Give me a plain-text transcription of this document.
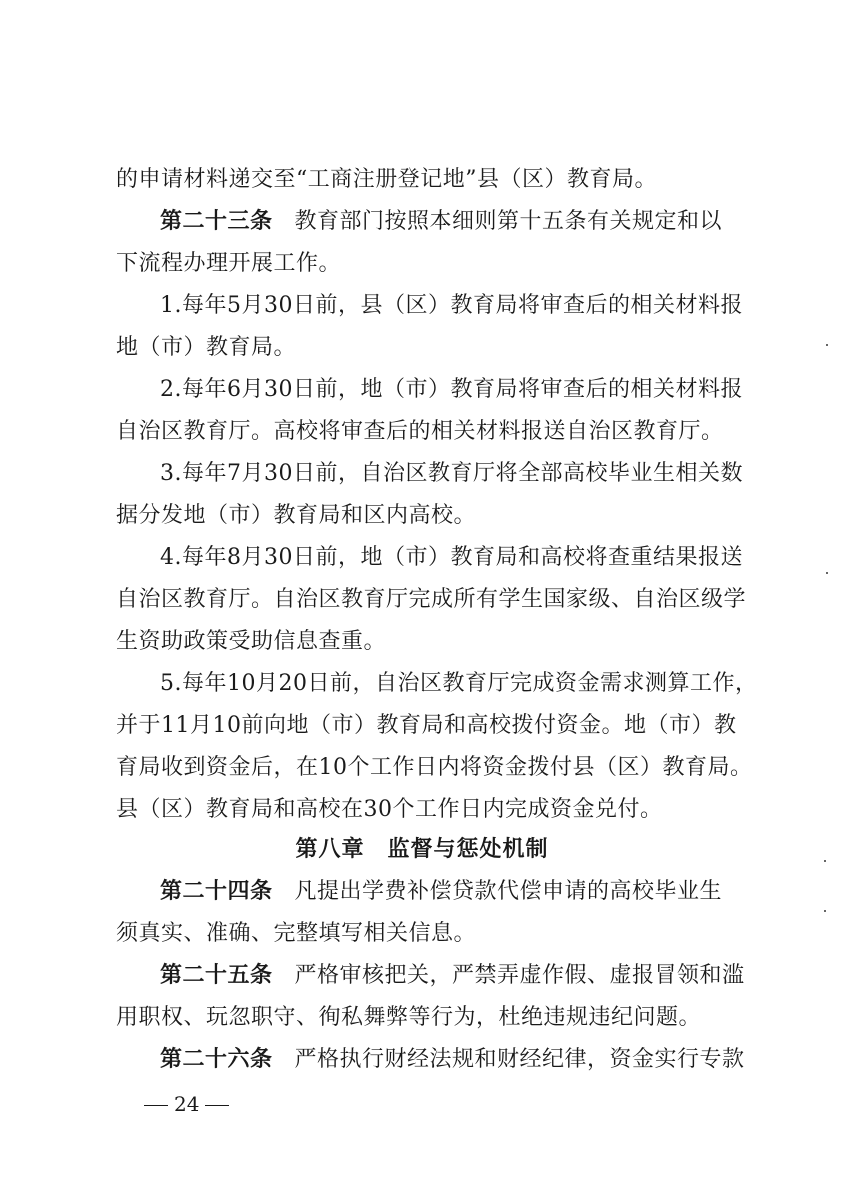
的申请材料递交至“工商注册登记地”县（区）教育局。
第二十三条 教育部门按照本细则第十五条有关规定和以
下流程办理开展工作。
1.每年5月30日前，县（区）教育局将审查后的相关材料报
地（市）教育局。
2.每年6月30日前，地（市）教育局将审查后的相关材料报
自治区教育厅。高校将审查后的相关材料报送自治区教育厅。
3.每年7月30日前，自治区教育厅将全部高校毕业生相关数
据分发地（市）教育局和区内高校。
4.每年8月30日前，地（市）教育局和高校将查重结果报送
自治区教育厅。自治区教育厅完成所有学生国家级、自治区级学
生资助政策受助信息查重。
5.每年10月20日前，自治区教育厅完成资金需求测算工作，
并于11月10前向地（市）教育局和高校拨付资金。地（市）教
育局收到资金后，在10个工作日内将资金拨付县（区）教育局。
县（区）教育局和高校在30个工作日内完成资金兑付。
第八章　监督与惩处机制
第二十四条 凡提出学费补偿贷款代偿申请的高校毕业生
须真实、准确、完整填写相关信息。
第二十五条 严格审核把关，严禁弄虚作假、虚报冒领和滥
用职权、玩忽职守、徇私舞弊等行为，杜绝违规违纪问题。
第二十六条 严格执行财经法规和财经纪律，资金实行专款
24
